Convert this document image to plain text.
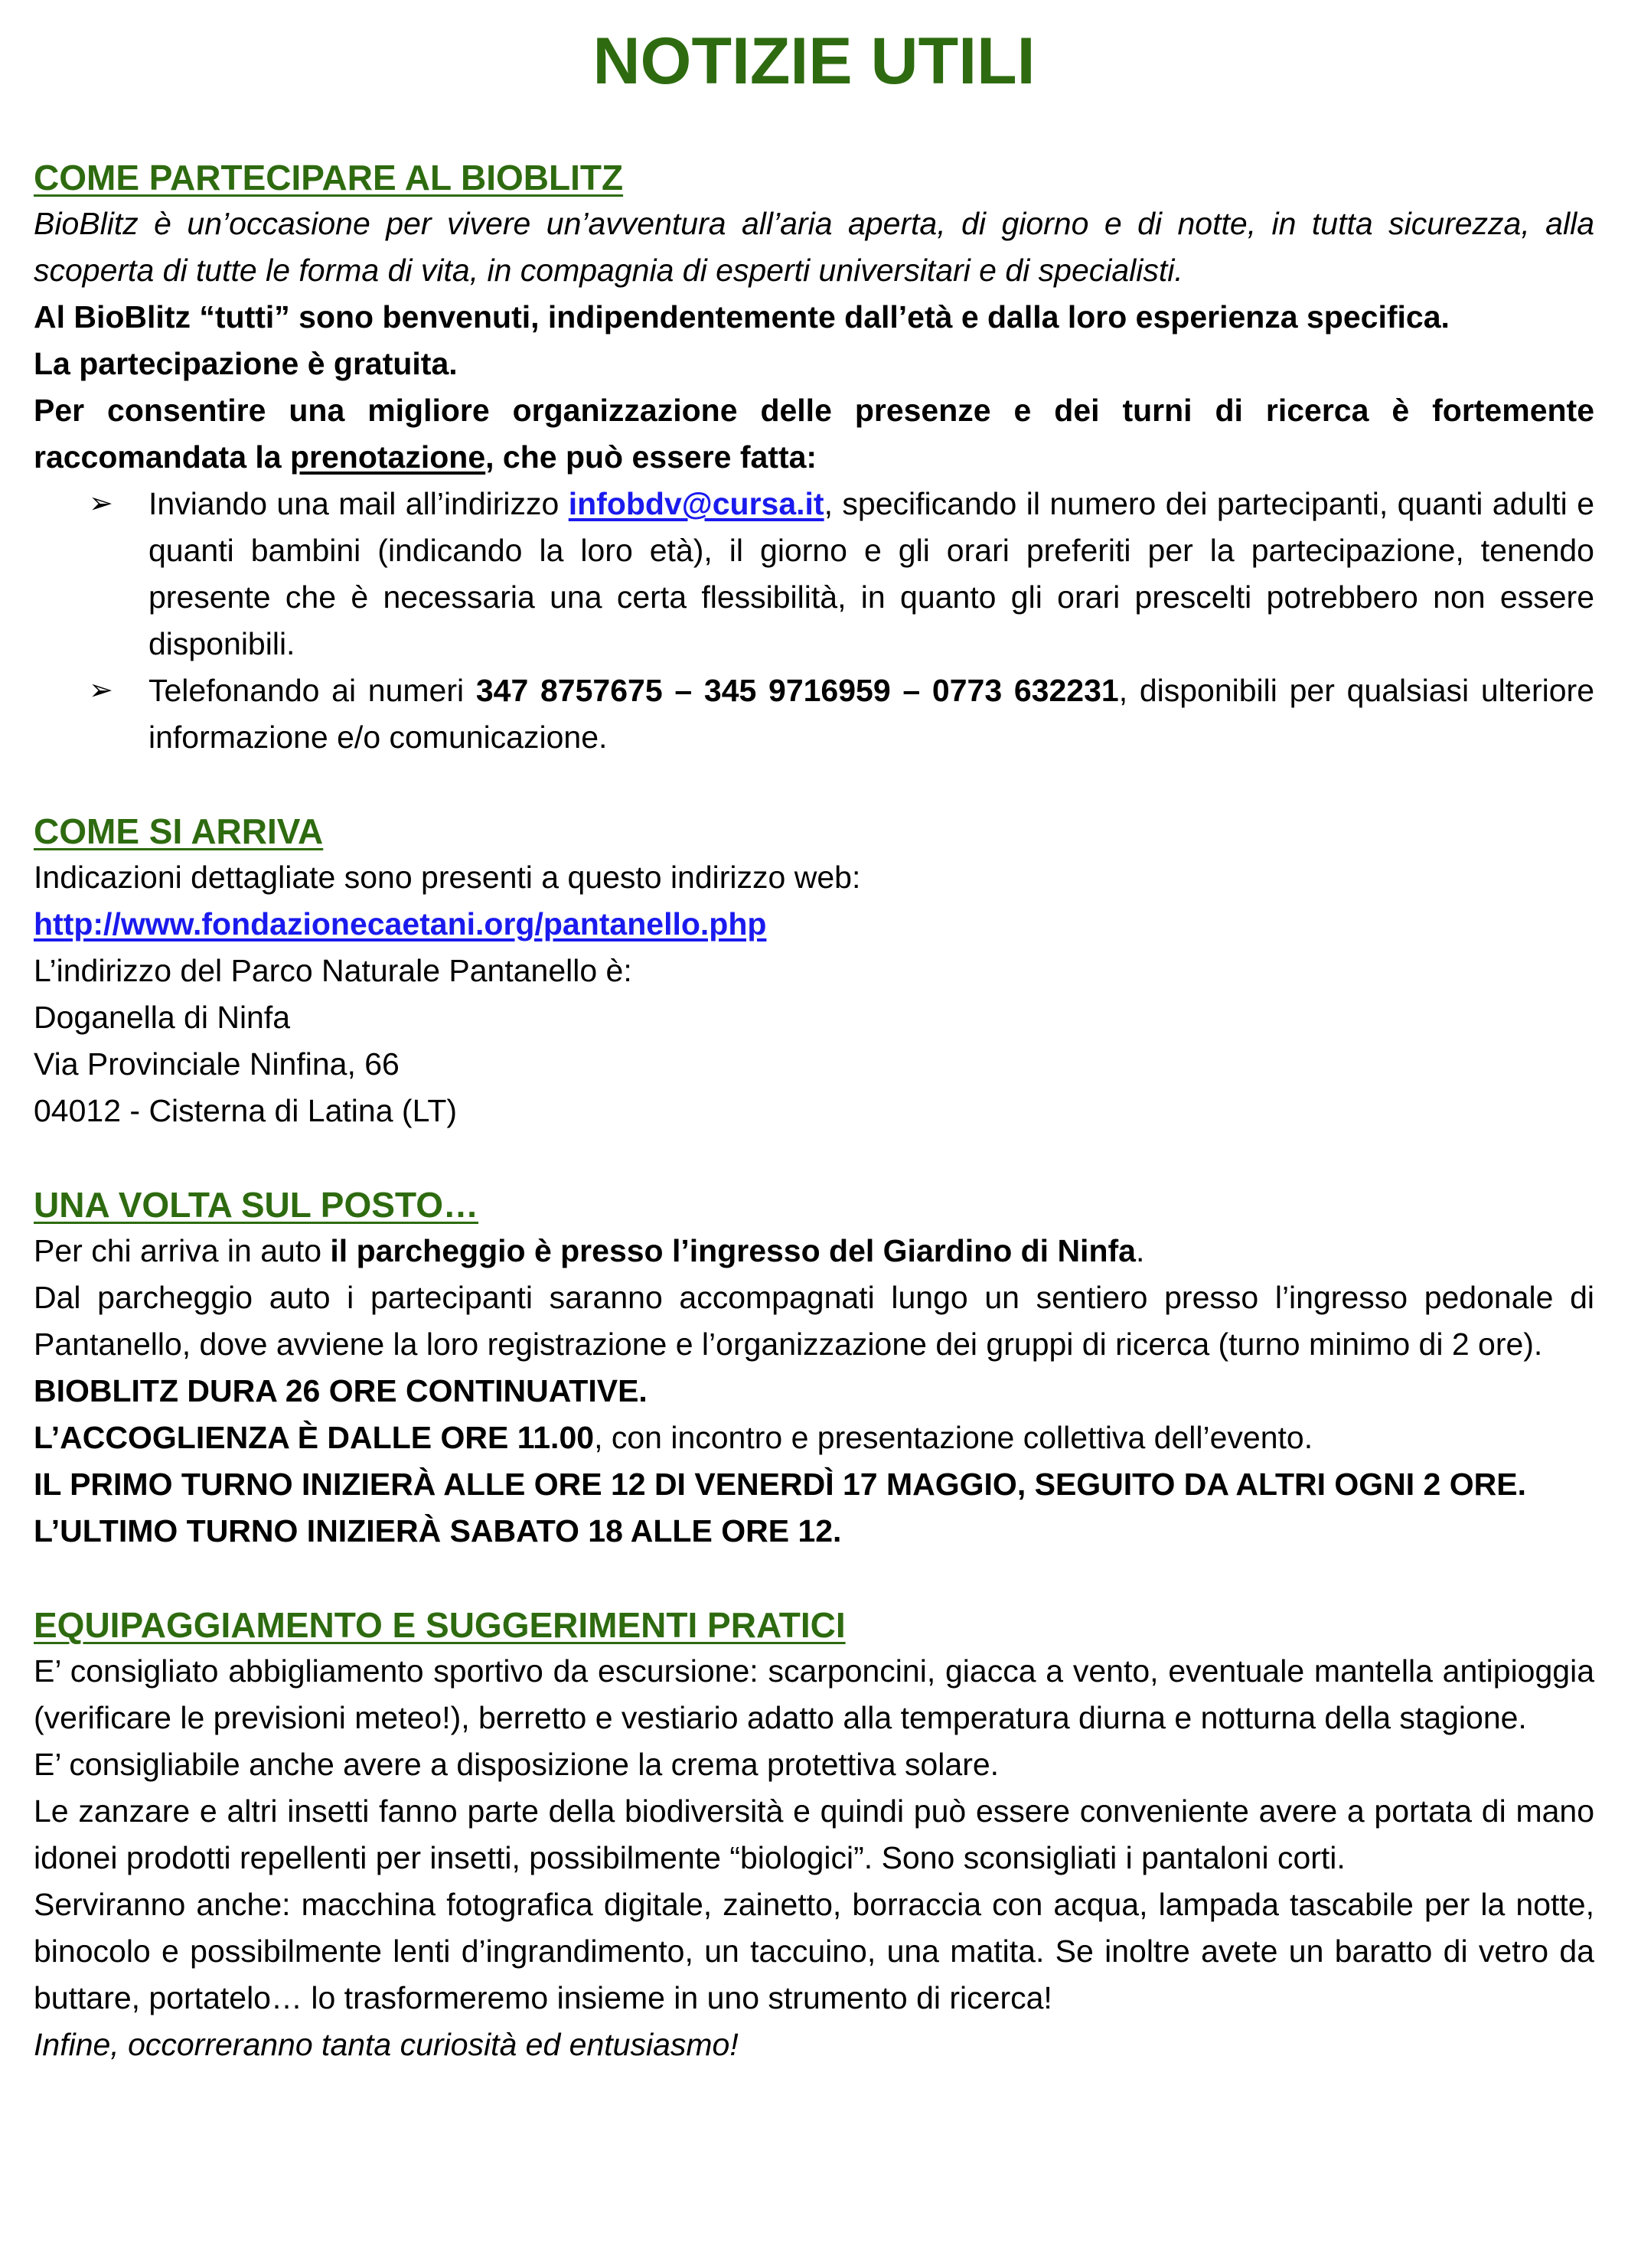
NOTIZIE UTILI
COME PARTECIPARE AL BIOBLITZ

BioBlitz è un’occasione per vivere un’avventura all’aria aperta, di giorno e di notte, in tutta sicurezza, alla scoperta di tutte le forma di vita, in compagnia di esperti universitari e di specialisti.

Al BioBlitz “tutti” sono benvenuti, indipendentemente dall’età e dalla loro esperienza specifica.

La partecipazione è gratuita.

Per consentire una migliore organizzazione delle presenze e dei turni di ricerca è fortemente raccomandata la prenotazione, che può essere fatta:

➢ Inviando una mail all’indirizzo infobdv@cursa.it, specificando il numero dei partecipanti, quanti adulti e quanti bambini (indicando la loro età), il giorno e gli orari preferiti per la partecipazione, tenendo presente che è necessaria una certa flessibilità, in quanto gli orari prescelti potrebbero non essere disponibili.
➢ Telefonando ai numeri 347 8757675 – 345 9716959 – 0773 632231, disponibili per qualsiasi ulteriore informazione e/o comunicazione.
COME SI ARRIVA

Indicazioni dettagliate sono presenti a questo indirizzo web:

http://www.fondazionecaetani.org/pantanello.php

L’indirizzo del Parco Naturale Pantanello è:

Doganella di Ninfa

Via Provinciale Ninfina, 66

04012 - Cisterna di Latina (LT)

UNA VOLTA SUL POSTO…

Per chi arriva in auto il parcheggio è presso l’ingresso del Giardino di Ninfa.

Dal parcheggio auto i partecipanti saranno accompagnati lungo un sentiero presso l’ingresso pedonale di Pantanello, dove avviene la loro registrazione e l’organizzazione dei gruppi di ricerca (turno minimo di 2 ore).

BIOBLITZ DURA 26 ORE CONTINUATIVE.

L’ACCOGLIENZA È DALLE ORE 11.00, con incontro e presentazione collettiva dell’evento.

IL PRIMO TURNO INIZIERÀ ALLE ORE 12 DI VENERDÌ 17 MAGGIO, SEGUITO DA ALTRI OGNI 2 ORE.

L’ULTIMO TURNO INIZIERÀ SABATO 18 ALLE ORE 12.

EQUIPAGGIAMENTO E SUGGERIMENTI PRATICI

E’ consigliato abbigliamento sportivo da escursione: scarponcini, giacca a vento, eventuale mantella antipioggia (verificare le previsioni meteo!), berretto e vestiario adatto alla temperatura diurna e notturna della stagione.

E’ consigliabile anche avere a disposizione la crema protettiva solare.

Le zanzare e altri insetti fanno parte della biodiversità e quindi può essere conveniente avere a portata di mano idonei prodotti repellenti per insetti, possibilmente “biologici”. Sono sconsigliati i pantaloni corti.

Serviranno anche: macchina fotografica digitale, zainetto, borraccia con acqua, lampada tascabile per la notte, binocolo e possibilmente lenti d’ingrandimento, un taccuino, una matita. Se inoltre avete un baratto di vetro da buttare, portatelo… lo trasformeremo insieme in uno strumento di ricerca!

Infine, occorreranno tanta curiosità ed entusiasmo!
